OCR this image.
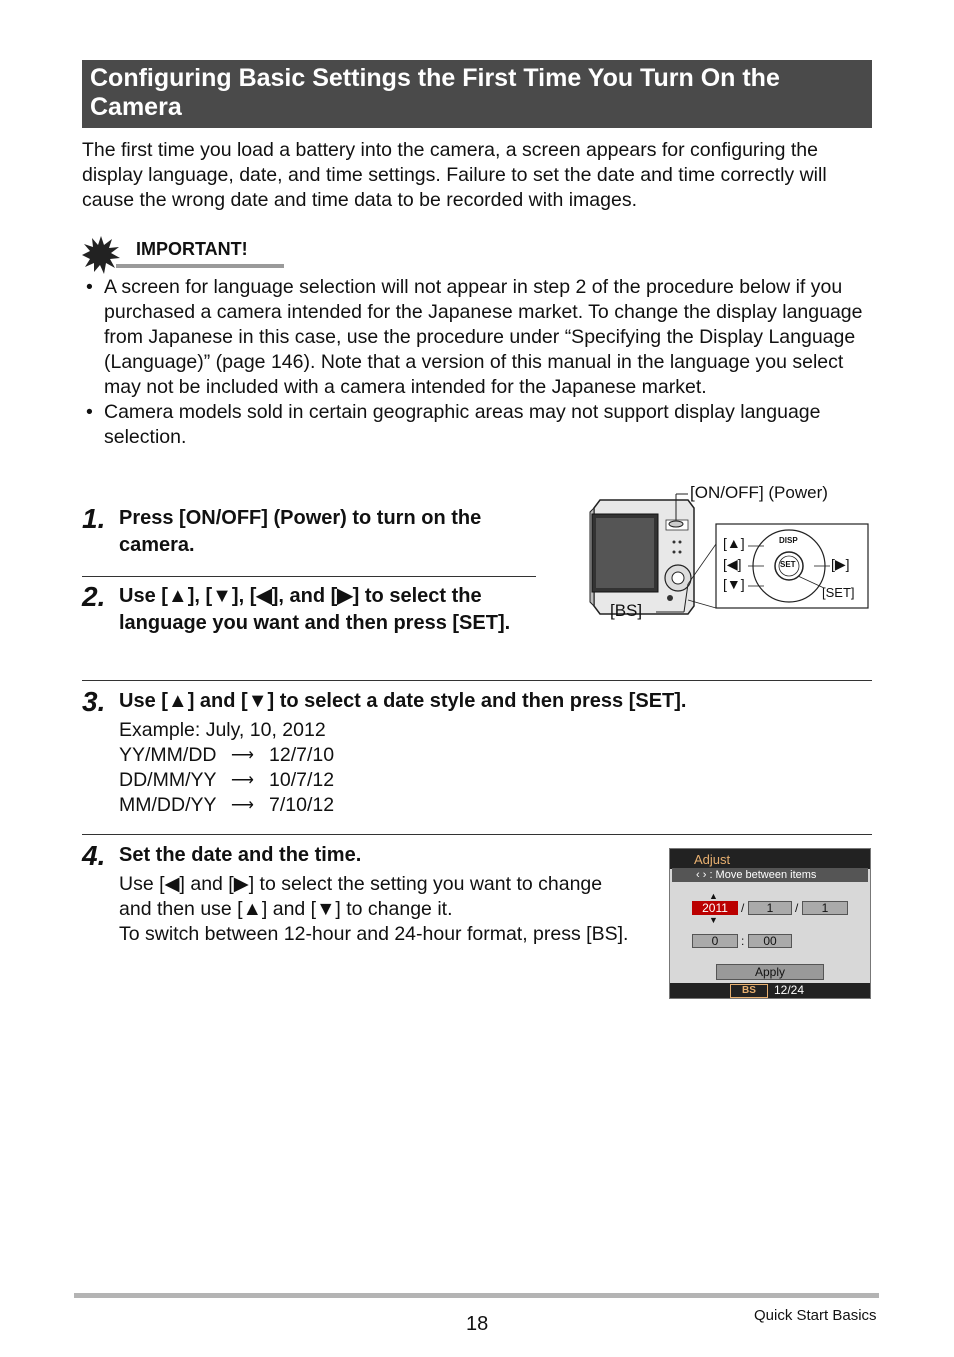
Configuring Basic Settings the First Time You Turn On the Camera
The first time you load a battery into the camera, a screen appears for configuring the display language, date, and time settings. Failure to set the date and time correctly will cause the wrong date and time data to be recorded with images.
IMPORTANT!
• A screen for language selection will not appear in step 2 of the procedure below if you purchased a camera intended for the Japanese market. To change the display language from Japanese in this case, use the procedure under “Specifying the Display Language (Language)” (page 146). Note that a version of this manual in the language you select may not be included with a camera intended for the Japanese market.
• Camera models sold in certain geographic areas may not support display language selection.
1. Press [ON/OFF] (Power) to turn on the camera.
2. Use [▲], [▼], [◀], and [▶] to select the language you want and then press [SET].
[ON/OFF] (Power)
[BS]
[▲]
[◀]
[▼]
[▶]
[SET]
DISP
SET
3. Use [▲] and [▼] to select a date style and then press [SET].
Example: July, 10, 2012
YY/MM/DD ⟶ 12/7/10
DD/MM/YY ⟶ 10/7/12
MM/DD/YY ⟶ 7/10/12
4. Set the date and the time.
Use [◀] and [▶] to select the setting you want to change and then use [▲] and [▼] to change it.
To switch between 12-hour and 24-hour format, press [BS].
Adjust
‹ › : Move between items
2011
▲
▼
/	1	/	1
0	:	00
Apply
BS	12/24
18	Quick Start Basics
